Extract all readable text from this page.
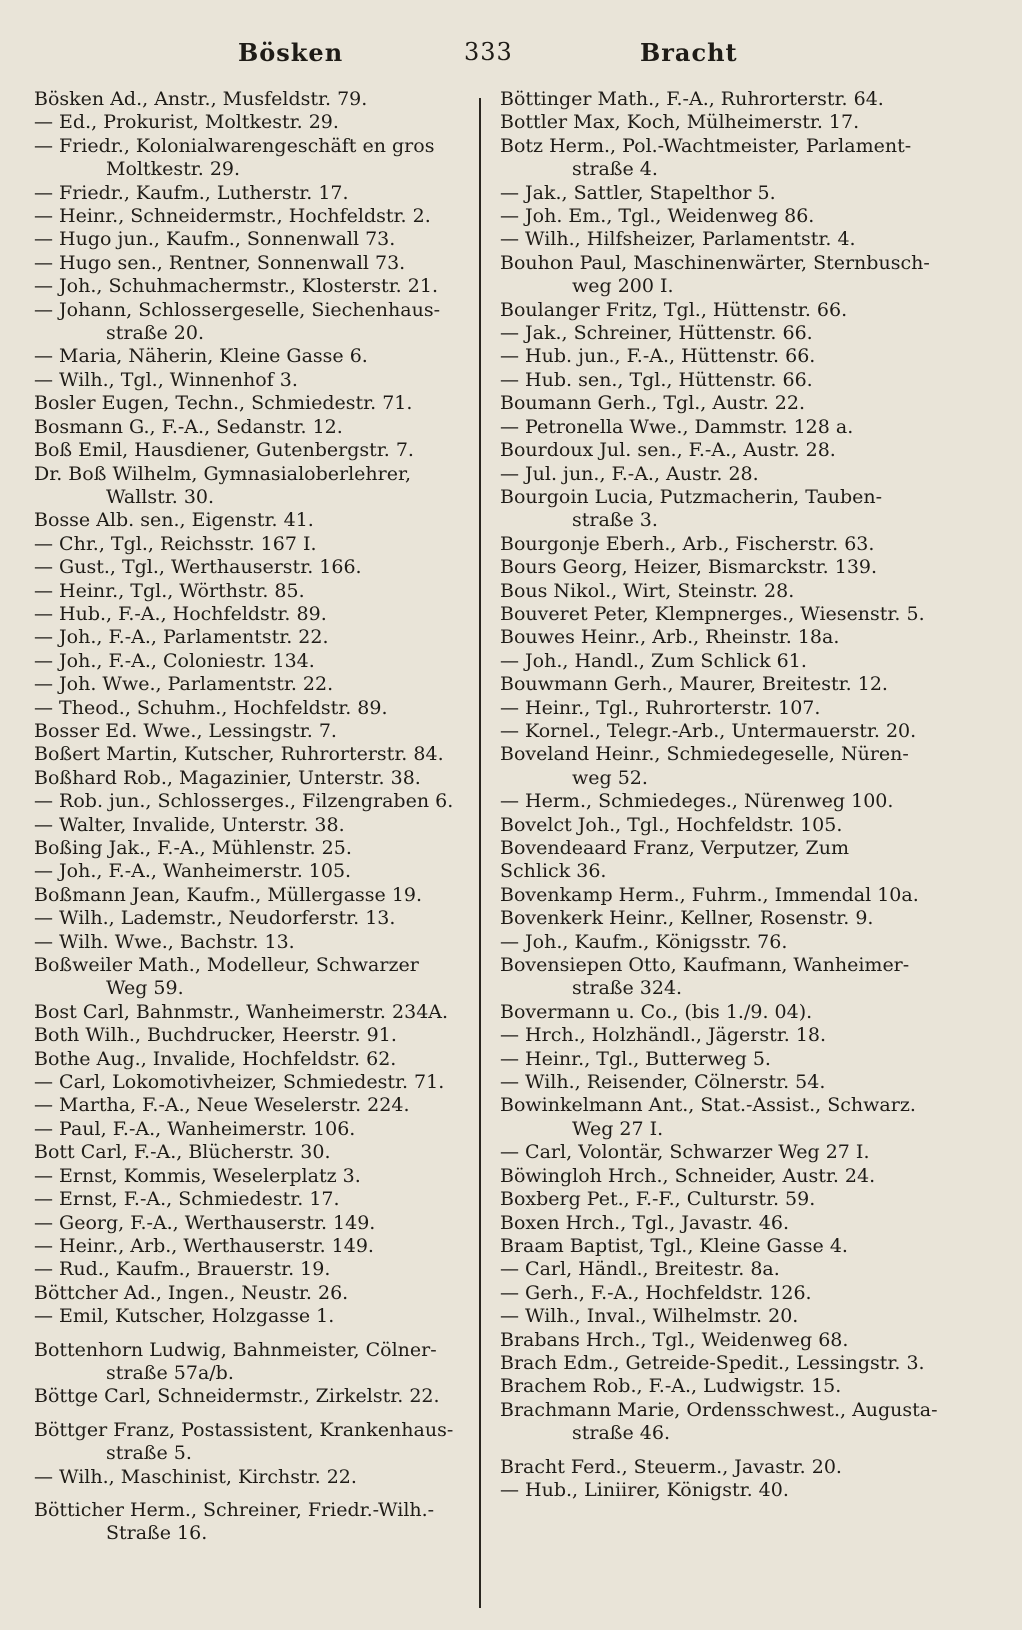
Bösken	333	Bracht
Bösken Ad., Anstr., Musfeldstr. 79.
— Ed., Prokurist, Moltkestr. 29.
— Friedr., Kolonialwarengeschäft en gros
Moltkestr. 29.
— Friedr., Kaufm., Lutherstr. 17.
— Heinr., Schneidermstr., Hochfeldstr. 2.
— Hugo jun., Kaufm., Sonnenwall 73.
— Hugo sen., Rentner, Sonnenwall 73.
— Joh., Schuhmachermstr., Klosterstr. 21.
— Johann, Schlossergeselle, Siechenhaus-
straße 20.
— Maria, Näherin, Kleine Gasse 6.
— Wilh., Tgl., Winnenhof 3.
Bosler Eugen, Techn., Schmiedestr. 71.
Bosmann G., F.-A., Sedanstr. 12.
Boß Emil, Hausdiener, Gutenbergstr. 7.
Dr. Boß Wilhelm, Gymnasialoberlehrer,
Wallstr. 30.
Bosse Alb. sen., Eigenstr. 41.
— Chr., Tgl., Reichsstr. 167 I.
— Gust., Tgl., Werthauserstr. 166.
— Heinr., Tgl., Wörthstr. 85.
— Hub., F.-A., Hochfeldstr. 89.
— Joh., F.-A., Parlamentstr. 22.
— Joh., F.-A., Coloniestr. 134.
— Joh. Wwe., Parlamentstr. 22.
— Theod., Schuhm., Hochfeldstr. 89.
Bosser Ed. Wwe., Lessingstr. 7.
Boßert Martin, Kutscher, Ruhrorterstr. 84.
Boßhard Rob., Magazinier, Unterstr. 38.
— Rob. jun., Schlosserges., Filzengraben 6.
— Walter, Invalide, Unterstr. 38.
Boßing Jak., F.-A., Mühlenstr. 25.
— Joh., F.-A., Wanheimerstr. 105.
Boßmann Jean, Kaufm., Müllergasse 19.
— Wilh., Lademstr., Neudorferstr. 13.
— Wilh. Wwe., Bachstr. 13.
Boßweiler Math., Modelleur, Schwarzer
Weg 59.
Bost Carl, Bahnmstr., Wanheimerstr. 234A.
Both Wilh., Buchdrucker, Heerstr. 91.
Bothe Aug., Invalide, Hochfeldstr. 62.
— Carl, Lokomotivheizer, Schmiedestr. 71.
— Martha, F.-A., Neue Weselerstr. 224.
— Paul, F.-A., Wanheimerstr. 106.
Bott Carl, F.-A., Blücherstr. 30.
— Ernst, Kommis, Weselerplatz 3.
— Ernst, F.-A., Schmiedestr. 17.
— Georg, F.-A., Werthauserstr. 149.
— Heinr., Arb., Werthauserstr. 149.
— Rud., Kaufm., Brauerstr. 19.
Böttcher Ad., Ingen., Neustr. 26.
— Emil, Kutscher, Holzgasse 1.
Bottenhorn Ludwig, Bahnmeister, Cölner-
straße 57a/b.
Böttge Carl, Schneidermstr., Zirkelstr. 22.
Böttger Franz, Postassistent, Krankenhaus-
straße 5.
— Wilh., Maschinist, Kirchstr. 22.
Bötticher Herm., Schreiner, Friedr.-Wilh.-
Straße 16.
Böttinger Math., F.-A., Ruhrorterstr. 64.
Bottler Max, Koch, Mülheimerstr. 17.
Botz Herm., Pol.-Wachtmeister, Parlament-
straße 4.
— Jak., Sattler, Stapelthor 5.
— Joh. Em., Tgl., Weidenweg 86.
— Wilh., Hilfsheizer, Parlamentstr. 4.
Bouhon Paul, Maschinenwärter, Sternbusch-
weg 200 I.
Boulanger Fritz, Tgl., Hüttenstr. 66.
— Jak., Schreiner, Hüttenstr. 66.
— Hub. jun., F.-A., Hüttenstr. 66.
— Hub. sen., Tgl., Hüttenstr. 66.
Boumann Gerh., Tgl., Austr. 22.
— Petronella Wwe., Dammstr. 128 a.
Bourdoux Jul. sen., F.-A., Austr. 28.
— Jul. jun., F.-A., Austr. 28.
Bourgoin Lucia, Putzmacherin, Tauben-
straße 3.
Bourgonje Eberh., Arb., Fischerstr. 63.
Bours Georg, Heizer, Bismarckstr. 139.
Bous Nikol., Wirt, Steinstr. 28.
Bouveret Peter, Klempnerges., Wiesenstr. 5.
Bouwes Heinr., Arb., Rheinstr. 18a.
— Joh., Handl., Zum Schlick 61.
Bouwmann Gerh., Maurer, Breitestr. 12.
— Heinr., Tgl., Ruhrorterstr. 107.
— Kornel., Telegr.-Arb., Untermauerstr. 20.
Boveland Heinr., Schmiedegeselle, Nüren-
weg 52.
— Herm., Schmiedeges., Nürenweg 100.
Bovelct Joh., Tgl., Hochfeldstr. 105.
Bovendeaard Franz, Verputzer, Zum
Schlick 36.
Bovenkamp Herm., Fuhrm., Immendal 10a.
Bovenkerk Heinr., Kellner, Rosenstr. 9.
— Joh., Kaufm., Königsstr. 76.
Bovensiepen Otto, Kaufmann, Wanheimer-
straße 324.
Bovermann u. Co., (bis 1./9. 04).
— Hrch., Holzhändl., Jägerstr. 18.
— Heinr., Tgl., Butterweg 5.
— Wilh., Reisender, Cölnerstr. 54.
Bowinkelmann Ant., Stat.-Assist., Schwarz.
Weg 27 I.
— Carl, Volontär, Schwarzer Weg 27 I.
Böwingloh Hrch., Schneider, Austr. 24.
Boxberg Pet., F.-F., Culturstr. 59.
Boxen Hrch., Tgl., Javastr. 46.
Braam Baptist, Tgl., Kleine Gasse 4.
— Carl, Händl., Breitestr. 8a.
— Gerh., F.-A., Hochfeldstr. 126.
— Wilh., Inval., Wilhelmstr. 20.
Brabans Hrch., Tgl., Weidenweg 68.
Brach Edm., Getreide-Spedit., Lessingstr. 3.
Brachem Rob., F.-A., Ludwigstr. 15.
Brachmann Marie, Ordensschwest., Augusta-
straße 46.
Bracht Ferd., Steuerm., Javastr. 20.
— Hub., Liniirer, Königstr. 40.
